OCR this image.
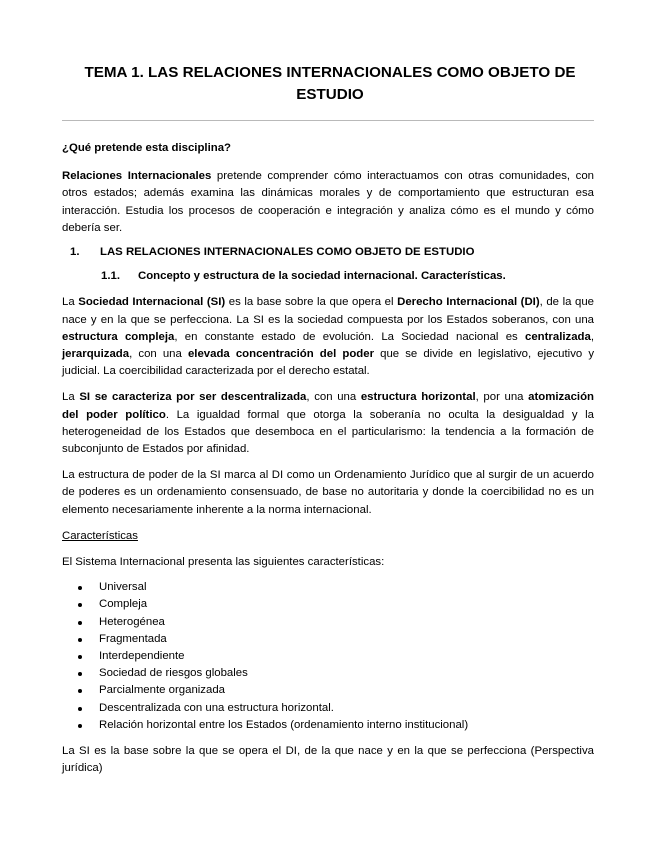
TEMA 1. LAS RELACIONES INTERNACIONALES COMO OBJETO DE ESTUDIO
¿Qué pretende esta disciplina?

Relaciones Internacionales pretende comprender cómo interactuamos con otras comunidades, con otros estados; además examina las dinámicas morales y de comportamiento que estructuran esa interacción. Estudia los procesos de cooperación e integración y analiza cómo es el mundo y cómo debería ser.

1.	LAS RELACIONES INTERNACIONALES COMO OBJETO DE ESTUDIO
1.1.	Concepto y estructura de la sociedad internacional. Características.

La Sociedad Internacional (SI) es la base sobre la que opera el Derecho Internacional (DI), de la que nace y en la que se perfecciona. La SI es la sociedad compuesta por los Estados soberanos, con una estructura compleja, en constante estado de evolución. La Sociedad nacional es centralizada, jerarquizada, con una elevada concentración del poder que se divide en legislativo, ejecutivo y judicial. La coercibilidad caracterizada por el derecho estatal.

La SI se caracteriza por ser descentralizada, con una estructura horizontal, por una atomización del poder político. La igualdad formal que otorga la soberanía no oculta la desigualdad y la heterogeneidad de los Estados que desemboca en el particularismo: la tendencia a la formación de subconjunto de Estados por afinidad.

La estructura de poder de la SI marca al DI como un Ordenamiento Jurídico que al surgir de un acuerdo de poderes es un ordenamiento consensuado, de base no autoritaria y donde la coercibilidad no es un elemento necesariamente inherente a la norma internacional.

Características
El Sistema Internacional presenta las siguientes características:
Universal
Compleja
Heterogénea
Fragmentada
Interdependiente
Sociedad de riesgos globales
Parcialmente organizada
Descentralizada con una estructura horizontal.
Relación horizontal entre los Estados (ordenamiento interno institucional)

La SI es la base sobre la que se opera el DI, de la que nace y en la que se perfecciona (Perspectiva jurídica)
